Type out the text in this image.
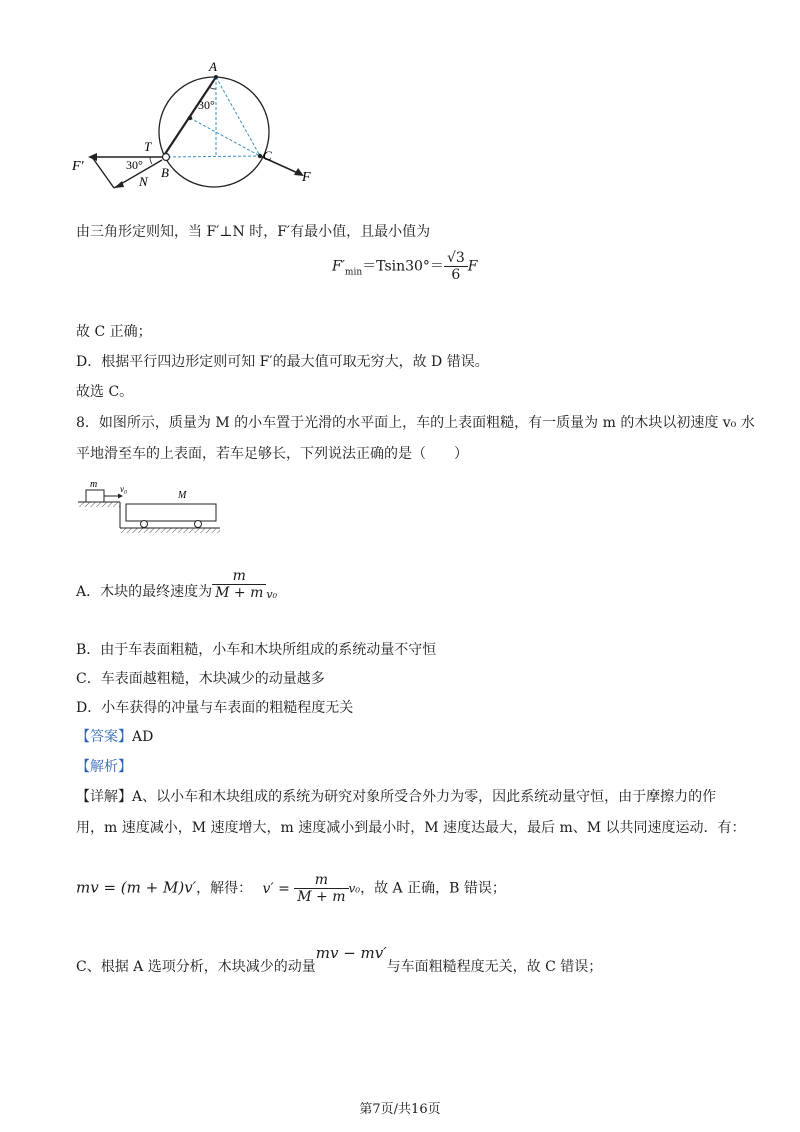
A
B
C
T
N
F'
F
30°
30°
由三角形定则知，当 F′⊥N 时，F′有最小值，且最小值为
$F'_{min}=Tsin30^\circ= \frac{√3}{6}$ F
故 C 正确；
D．根据平行四边形定则可知 F′的最大值可取无穷大，故 D 错误。
故选 C。
8．如图所示，质量为 M 的小车置于光滑的水平面上，车的上表面粗糙，有一质量为 m 的木块以初速度 v₀ 水
平地滑至车的上表面，若车足够长，下列说法正确的是（　　）
m	v₀
M
A．木块的最终速度为 $\frac{m}{M + m} v_0$
B．由于车表面粗糙，小车和木块所组成的系统动量不守恒
C．车表面越粗糙，木块减少的动量越多
D．小车获得的冲量与车表面的粗糙程度无关
【答案】AD
【解析】
【详解】A、以小车和木块组成的系统为研究对象所受合外力为零，因此系统动量守恒，由于摩擦力的作
用，m 速度减小，M 速度增大，m 速度减小到最小时，M 速度达最大，最后 m、M 以共同速度运动．有：
mv = (m + M)v′，解得： $v' = \frac{m}{M + m} v_0$，故 A 正确，B 错误；
C、根据 A 选项分析，木块减少的动量mv − mv′与车面粗糙程度无关，故 C 错误；
第7页/共16页
